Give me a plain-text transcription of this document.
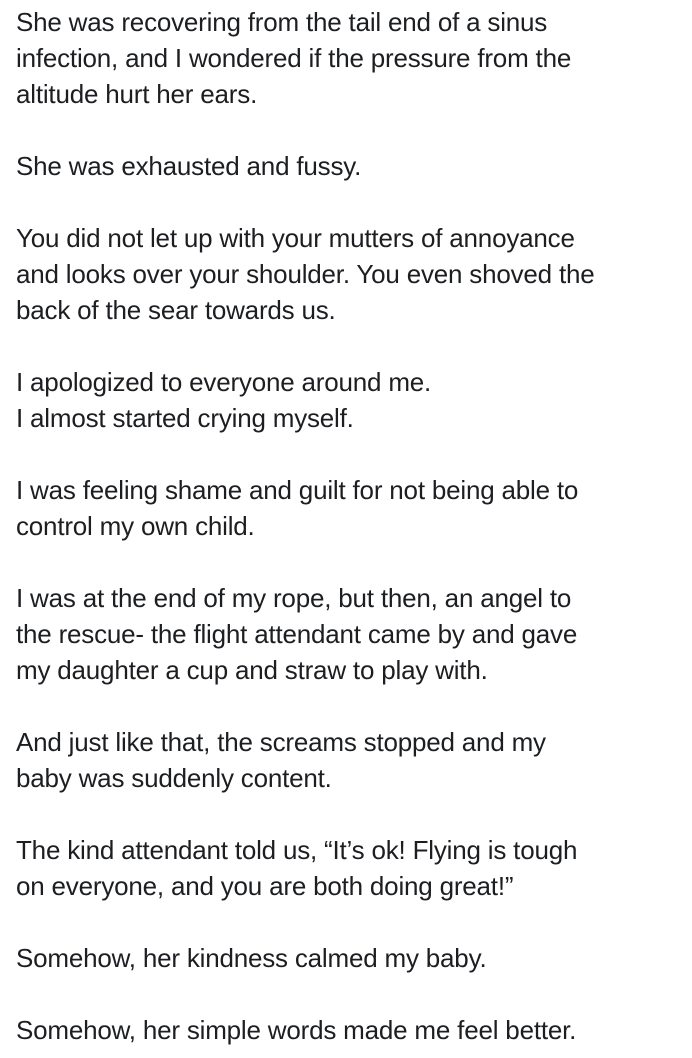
She was recovering from the tail end of a sinus
infection, and I wondered if the pressure from the
altitude hurt her ears.

She was exhausted and fussy.

You did not let up with your mutters of annoyance
and looks over your shoulder. You even shoved the
back of the sear towards us.

I apologized to everyone around me.
I almost started crying myself.

I was feeling shame and guilt for not being able to
control my own child.

I was at the end of my rope, but then, an angel to
the rescue- the flight attendant came by and gave
my daughter a cup and straw to play with.

And just like that, the screams stopped and my
baby was suddenly content.

The kind attendant told us, “It’s ok! Flying is tough
on everyone, and you are both doing great!”

Somehow, her kindness calmed my baby.

Somehow, her simple words made me feel better.
